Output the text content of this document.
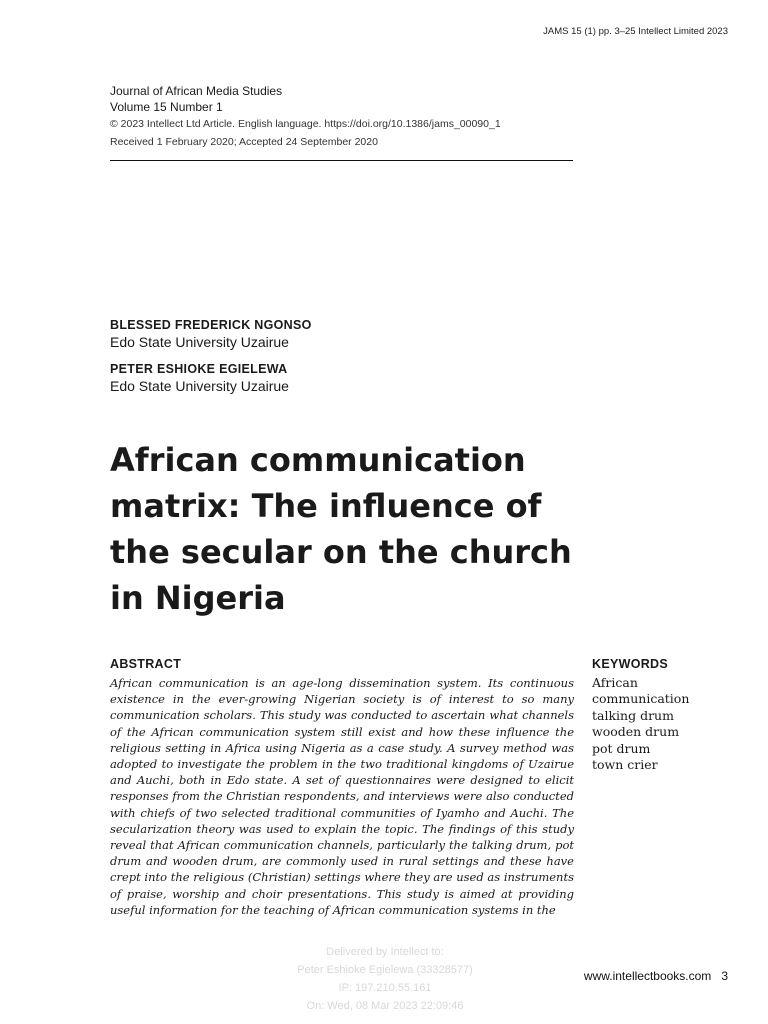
JAMS 15 (1) pp. 3–25 Intellect Limited 2023
Journal of African Media Studies
Volume 15 Number 1
© 2023 Intellect Ltd Article. English language. https://doi.org/10.1386/jams_00090_1
Received 1 February 2020; Accepted 24 September 2020
BLESSED FREDERICK NGONSO
Edo State University Uzairue
PETER ESHIOKE EGIELEWA
Edo State University Uzairue
African communication matrix: The influence of the secular on the church in Nigeria
ABSTRACT

African communication is an age-long dissemination system. Its continuous existence in the ever-growing Nigerian society is of interest to so many communication scholars. This study was conducted to ascertain what channels of the African communication system still exist and how these influence the religious setting in Africa using Nigeria as a case study. A survey method was adopted to investigate the problem in the two traditional kingdoms of Uzairue and Auchi, both in Edo state. A set of questionnaires were designed to elicit responses from the Christian respondents, and interviews were also conducted with chiefs of two selected traditional communities of Iyamho and Auchi. The secularization theory was used to explain the topic. The findings of this study reveal that African communication channels, particularly the talking drum, pot drum and wooden drum, are commonly used in rural settings and these have crept into the religious (Christian) settings where they are used as instruments of praise, worship and choir presentations. This study is aimed at providing useful information for the teaching of African communication systems in the

KEYWORDS
African
communication
talking drum
wooden drum
pot drum
town crier
Delivered by Intellect to:
Peter Eshioke Egielewa (33328577)
IP: 197.210.55.161
On: Wed, 08 Mar 2023 22:09:46
www.intellectbooks.com 3
